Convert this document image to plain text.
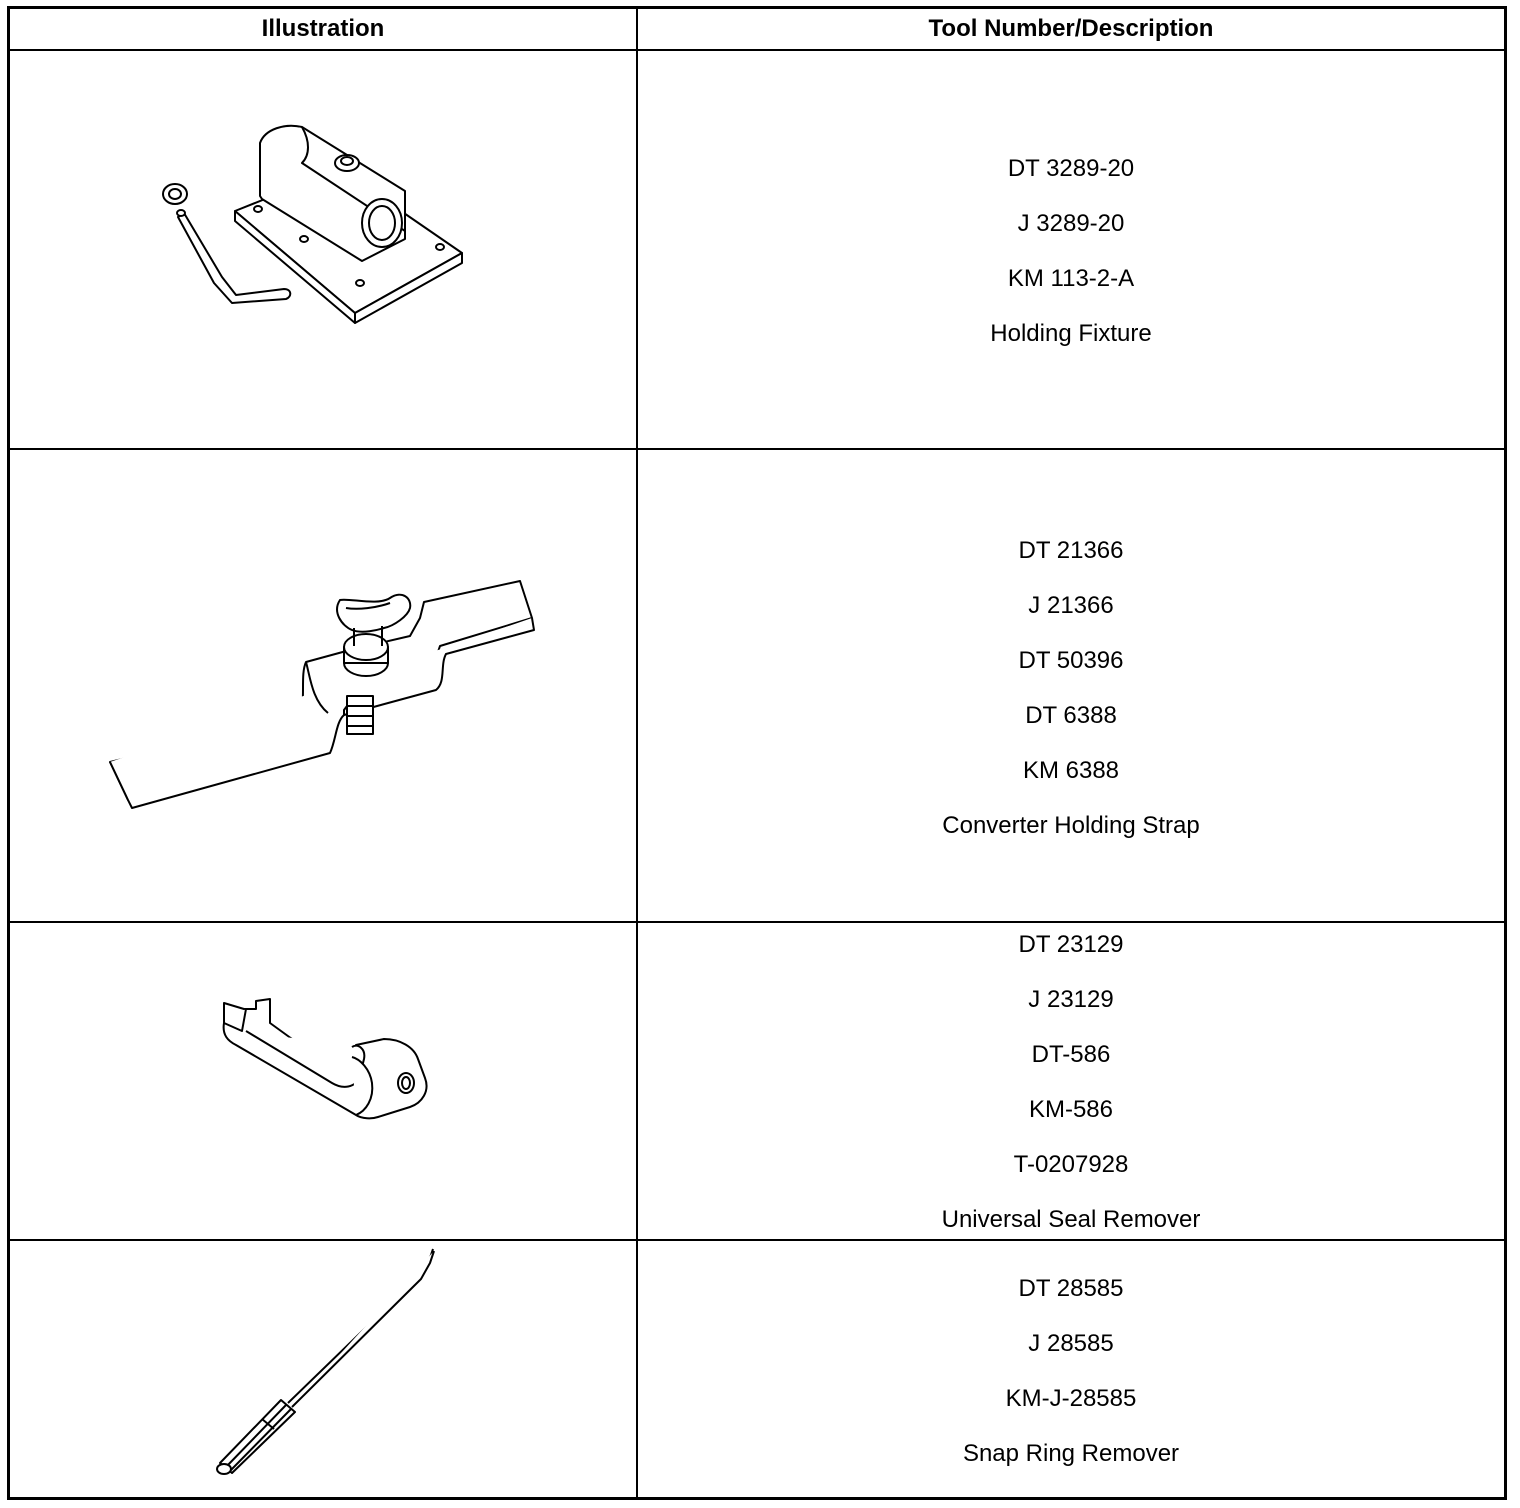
Illustration	Tool Number/Description
DT 3289-20
J 3289-20
KM 113-2-A
Holding Fixture
DT 21366
J 21366
DT 50396
DT 6388
KM 6388
Converter Holding Strap
DT 23129
J 23129
DT-586
KM-586
T-0207928
Universal Seal Remover
DT 28585
J 28585
KM-J-28585
Snap Ring Remover
